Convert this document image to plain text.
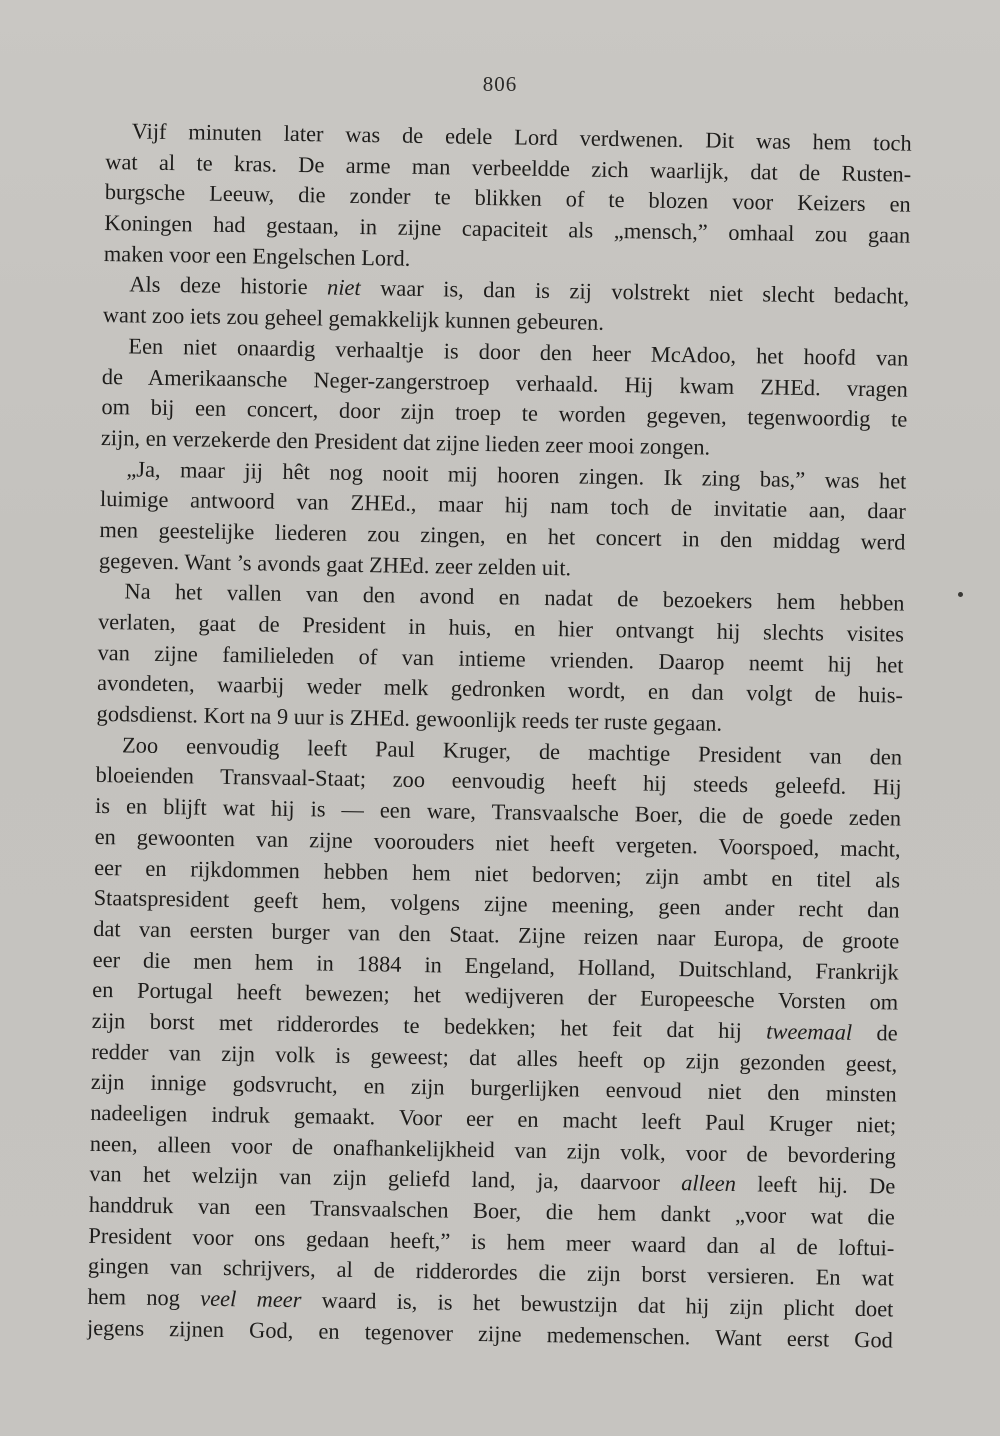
806
Vijf minuten later was de edele Lord verdwenen. Dit was hem toch
wat al te kras. De arme man verbeeldde zich waarlijk, dat de Rusten-
burgsche Leeuw, die zonder te blikken of te blozen voor Keizers en
Koningen had gestaan, in zijne capaciteit als „mensch,” omhaal zou gaan
maken voor een Engelschen Lord.
Als deze historie niet waar is, dan is zij volstrekt niet slecht bedacht,
want zoo iets zou geheel gemakkelijk kunnen gebeuren.
Een niet onaardig verhaaltje is door den heer McAdoo, het hoofd van
de Amerikaansche Neger-zangerstroep verhaald. Hij kwam ZHEd. vragen
om bij een concert, door zijn troep te worden gegeven, tegenwoordig te
zijn, en verzekerde den President dat zijne lieden zeer mooi zongen.
„Ja, maar jij hêt nog nooit mij hooren zingen. Ik zing bas,” was het
luimige antwoord van ZHEd., maar hij nam toch de invitatie aan, daar
men geestelijke liederen zou zingen, en het concert in den middag werd
gegeven. Want ’s avonds gaat ZHEd. zeer zelden uit.
Na het vallen van den avond en nadat de bezoekers hem hebben
verlaten, gaat de President in huis, en hier ontvangt hij slechts visites
van zijne familieleden of van intieme vrienden. Daarop neemt hij het
avondeten, waarbij weder melk gedronken wordt, en dan volgt de huis-
godsdienst. Kort na 9 uur is ZHEd. gewoonlijk reeds ter ruste gegaan.
Zoo eenvoudig leeft Paul Kruger, de machtige President van den
bloeienden Transvaal-Staat; zoo eenvoudig heeft hij steeds geleefd. Hij
is en blijft wat hij is — een ware, Transvaalsche Boer, die de goede zeden
en gewoonten van zijne voorouders niet heeft vergeten. Voorspoed, macht,
eer en rijkdommen hebben hem niet bedorven; zijn ambt en titel als
Staatspresident geeft hem, volgens zijne meening, geen ander recht dan
dat van eersten burger van den Staat. Zijne reizen naar Europa, de groote
eer die men hem in 1884 in Engeland, Holland, Duitschland, Frankrijk
en Portugal heeft bewezen; het wedijveren der Europeesche Vorsten om
zijn borst met ridderordes te bedekken; het feit dat hij tweemaal de
redder van zijn volk is geweest; dat alles heeft op zijn gezonden geest,
zijn innige godsvrucht, en zijn burgerlijken eenvoud niet den minsten
nadeeligen indruk gemaakt. Voor eer en macht leeft Paul Kruger niet;
neen, alleen voor de onafhankelijkheid van zijn volk, voor de bevordering
van het welzijn van zijn geliefd land, ja, daarvoor alleen leeft hij. De
handdruk van een Transvaalschen Boer, die hem dankt „voor wat die
President voor ons gedaan heeft,” is hem meer waard dan al de loftui-
gingen van schrijvers, al de ridderordes die zijn borst versieren. En wat
hem nog veel meer waard is, is het bewustzijn dat hij zijn plicht doet
jegens zijnen God, en tegenover zijne medemenschen. Want eerst God
